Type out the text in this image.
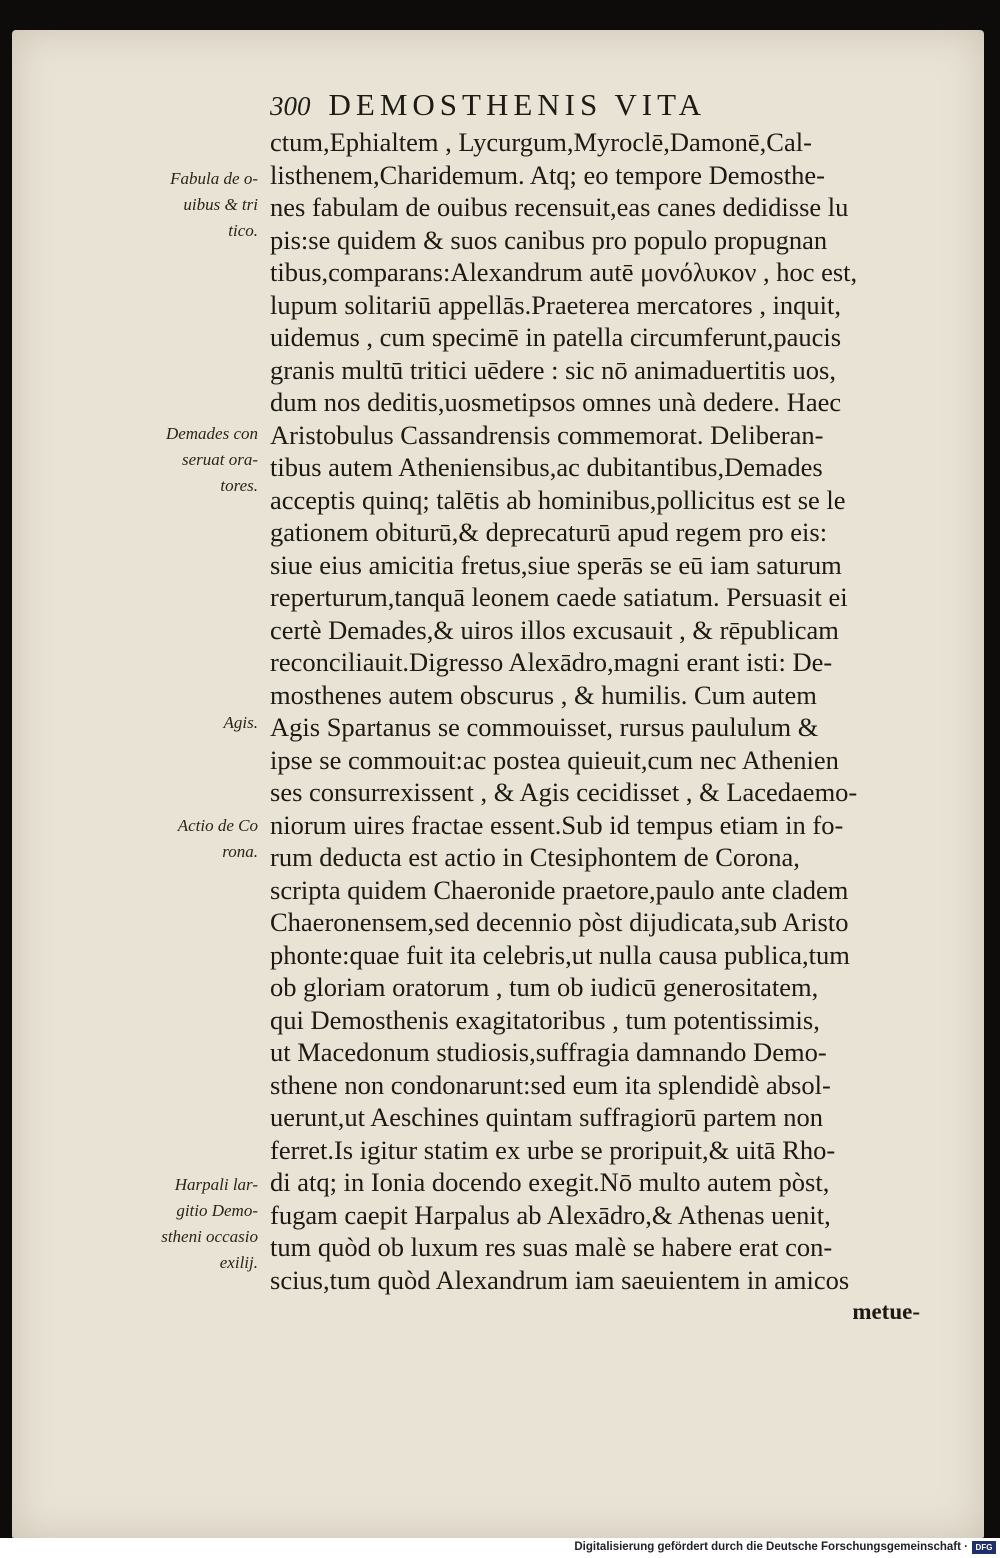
300 DEMOSTHENIS VITA
ctum,Ephialtem , Lycurgum,Myroclē,Damonē,Cal-
listhenem,Charidemum. Atq; eo tempore Demosthe-
nes fabulam de ouibus recensuit,eas canes dedidisse lu
pis:se quidem & suos canibus pro populo propugnan
tibus,comparans:Alexandrum autē μονόλυκον , hoc est,
lupum solitariū appellās.Praeterea mercatores , inquit,
uidemus , cum specimē in patella circumferunt,paucis
granis multū tritici uēdere : sic nō animaduertitis uos,
dum nos deditis,uosmetipsos omnes unà dedere. Haec
Aristobulus Cassandrensis commemorat. Deliberan-
tibus autem Atheniensibus,ac dubitantibus,Demades
acceptis quinq; talētis ab hominibus,pollicitus est se le
gationem obiturū,& deprecaturū apud regem pro eis:
siue eius amicitia fretus,siue sperās se eū iam saturum
reperturum,tanquā leonem caede satiatum. Persuasit ei
certè Demades,& uiros illos excusauit , & rēpublicam
reconciliauit.Digresso Alexādro,magni erant isti: De-
mosthenes autem obscurus , & humilis. Cum autem
Agis Spartanus se commouisset, rursus paululum &
ipse se commouit:ac postea quieuit,cum nec Athenien
ses consurrexissent , & Agis cecidisset , & Lacedaemo-
niorum uires fractae essent.Sub id tempus etiam in fo-
rum deducta est actio in Ctesiphontem de Corona,
scripta quidem Chaeronide praetore,paulo ante cladem
Chaeronensem,sed decennio pòst dijudicata,sub Aristo
phonte:quae fuit ita celebris,ut nulla causa publica,tum
ob gloriam oratorum , tum ob iudicū generositatem,
qui Demosthenis exagitatoribus , tum potentissimis,
ut Macedonum studiosis,suffragia damnando Demo-
sthene non condonarunt:sed eum ita splendidè absol-
uerunt,ut Aeschines quintam suffragiorū partem non
ferret.Is igitur statim ex urbe se proripuit,& uitā Rho-
di atq; in Ionia docendo exegit.Nō multo autem pòst,
fugam caepit Harpalus ab Alexādro,& Athenas uenit,
tum quòd ob luxum res suas malè se habere erat con-
scius,tum quòd Alexandrum iam saeuientem in amicos
metue-
Fabula de o-
uibus & tri
tico.
Demades con
seruat ora-
tores.
Agis.
Actio de Co
rona.
Harpali lar-
gitio Demo-
stheni occasio
exilij.
Digitalisierung gefördert durch die Deutsche Forschungsgemeinschaft · DFG
